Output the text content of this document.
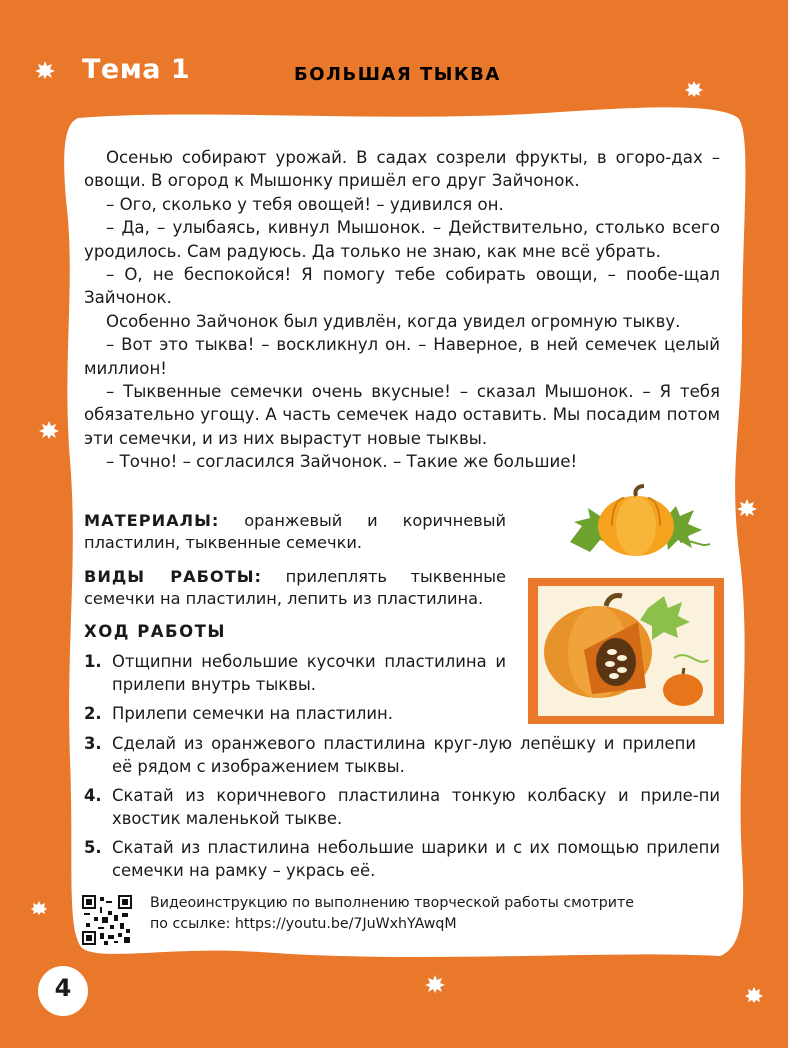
Тема 1	БОЛЬШАЯ ТЫКВА

Осенью собирают урожай. В садах созрели фрукты, в огоро-дах – овощи. В огород к Мышонку пришёл его друг Зайчонок.

– Ого, сколько у тебя овощей! – удивился он.

– Да, – улыбаясь, кивнул Мышонок. – Действительно, столько всего уродилось. Сам радуюсь. Да только не знаю, как мне всё убрать.

– О, не беспокойся! Я помогу тебе собирать овощи, – пообе-щал Зайчонок.

Особенно Зайчонок был удивлён, когда увидел огромную тыкву.

– Вот это тыква! – воскликнул он. – Наверное, в ней семечек целый миллион!

– Тыквенные семечки очень вкусные! – сказал Мышонок. – Я тебя обязательно угощу. А часть семечек надо оставить. Мы посадим потом эти семечки, и из них вырастут новые тыквы.

– Точно! – согласился Зайчонок. – Такие же большие!

МАТЕРИАЛЫ: оранжевый и коричневый пластилин, тыквенные семечки.
ВИДЫ РАБОТЫ: прилеплять тыквенные семечки на пластилин, лепить из пластилина.
ХОД РАБОТЫ
1. Отщипни небольшие кусочки пластилина и прилепи внутрь тыквы.
2. Прилепи семечки на пластилин.
3. Сделай из оранжевого пластилина круг-лую лепёшку и прилепи её рядом с изображением тыквы.
4. Скатай из коричневого пластилина тонкую колбаску и приле-пи хвостик маленькой тыкве.
5. Скатай из пластилина небольшие шарики и с их помощью прилепи семечки на рамку – укрась её.
Видеоинструкцию по выполнению творческой работы смотрите
по ссылке: https://youtu.be/7JuWxhYAwqM
4
